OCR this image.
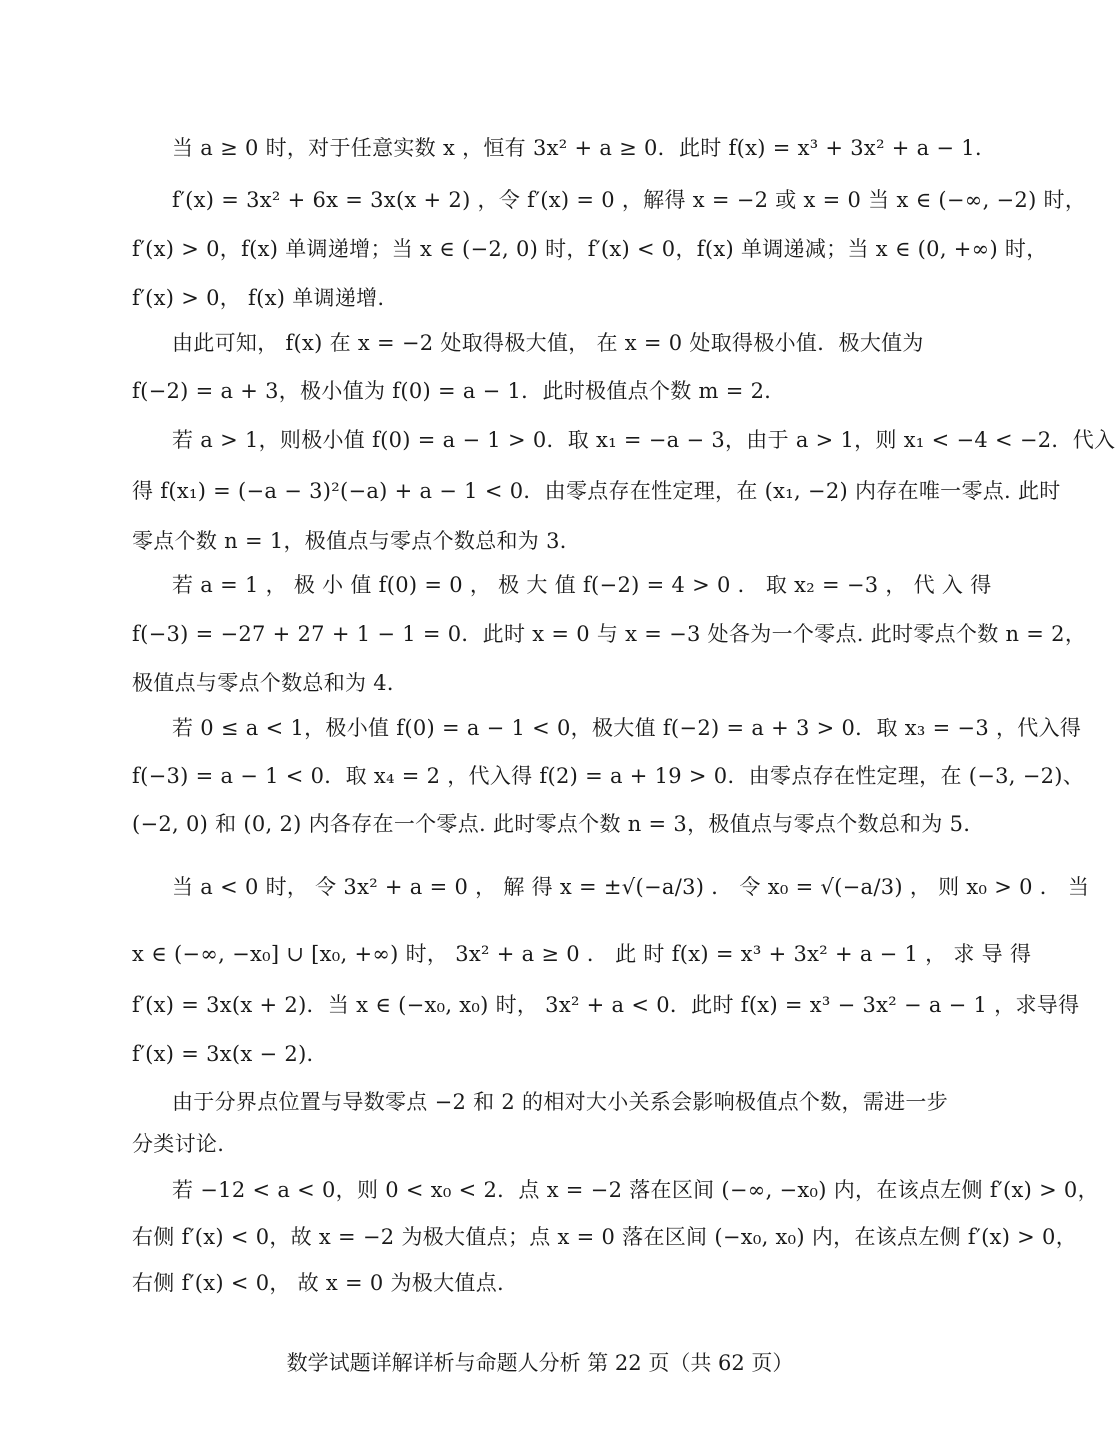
当 a ≥ 0 时，对于任意实数 x ，恒有 3x² + a ≥ 0．此时 f(x) = x³ + 3x² + a − 1．
f′(x) = 3x² + 6x = 3x(x + 2) ，令 f′(x) = 0 ，解得 x = −2 或 x = 0 当 x ∈ (−∞, −2) 时，
f′(x) > 0，f(x) 单调递增；当 x ∈ (−2, 0) 时，f′(x) < 0，f(x) 单调递减；当 x ∈ (0, +∞) 时，
f′(x) > 0， f(x) 单调递增.
由此可知， f(x) 在 x = −2 处取得极大值， 在 x = 0 处取得极小值．极大值为
f(−2) = a + 3，极小值为 f(0) = a − 1．此时极值点个数 m = 2．
若 a > 1，则极小值 f(0) = a − 1 > 0．取 x₁ = −a − 3，由于 a > 1，则 x₁ < −4 < −2．代入
得 f(x₁) = (−a − 3)²(−a) + a − 1 < 0．由零点存在性定理，在 (x₁, −2) 内存在唯一零点. 此时
零点个数 n = 1，极值点与零点个数总和为 3．
若 a = 1 ， 极 小 值 f(0) = 0 ， 极 大 值 f(−2) = 4 > 0 ． 取 x₂ = −3 ， 代 入 得
f(−3) = −27 + 27 + 1 − 1 = 0．此时 x = 0 与 x = −3 处各为一个零点. 此时零点个数 n = 2，
极值点与零点个数总和为 4．
若 0 ≤ a < 1，极小值 f(0) = a − 1 < 0，极大值 f(−2) = a + 3 > 0．取 x₃ = −3 ，代入得
f(−3) = a − 1 < 0．取 x₄ = 2 ，代入得 f(2) = a + 19 > 0．由零点存在性定理，在 (−3, −2)、
(−2, 0) 和 (0, 2) 内各存在一个零点. 此时零点个数 n = 3，极值点与零点个数总和为 5．
当 a < 0 时， 令 3x² + a = 0 ， 解 得 x = ±√(−a/3) ． 令 x₀ = √(−a/3) ， 则 x₀ > 0 ． 当
x ∈ (−∞, −x₀] ∪ [x₀, +∞) 时， 3x² + a ≥ 0 ． 此 时 f(x) = x³ + 3x² + a − 1 ， 求 导 得
f′(x) = 3x(x + 2)．当 x ∈ (−x₀, x₀) 时， 3x² + a < 0．此时 f(x) = x³ − 3x² − a − 1 ，求导得
f′(x) = 3x(x − 2)．
由于分界点位置与导数零点 −2 和 2 的相对大小关系会影响极值点个数，需进一步
分类讨论.
若 −12 < a < 0，则 0 < x₀ < 2．点 x = −2 落在区间 (−∞, −x₀) 内，在该点左侧 f′(x) > 0，
右侧 f′(x) < 0，故 x = −2 为极大值点；点 x = 0 落在区间 (−x₀, x₀) 内，在该点左侧 f′(x) > 0，
右侧 f′(x) < 0， 故 x = 0 为极大值点.
数学试题详解详析与命题人分析 第 22 页（共 62 页）
